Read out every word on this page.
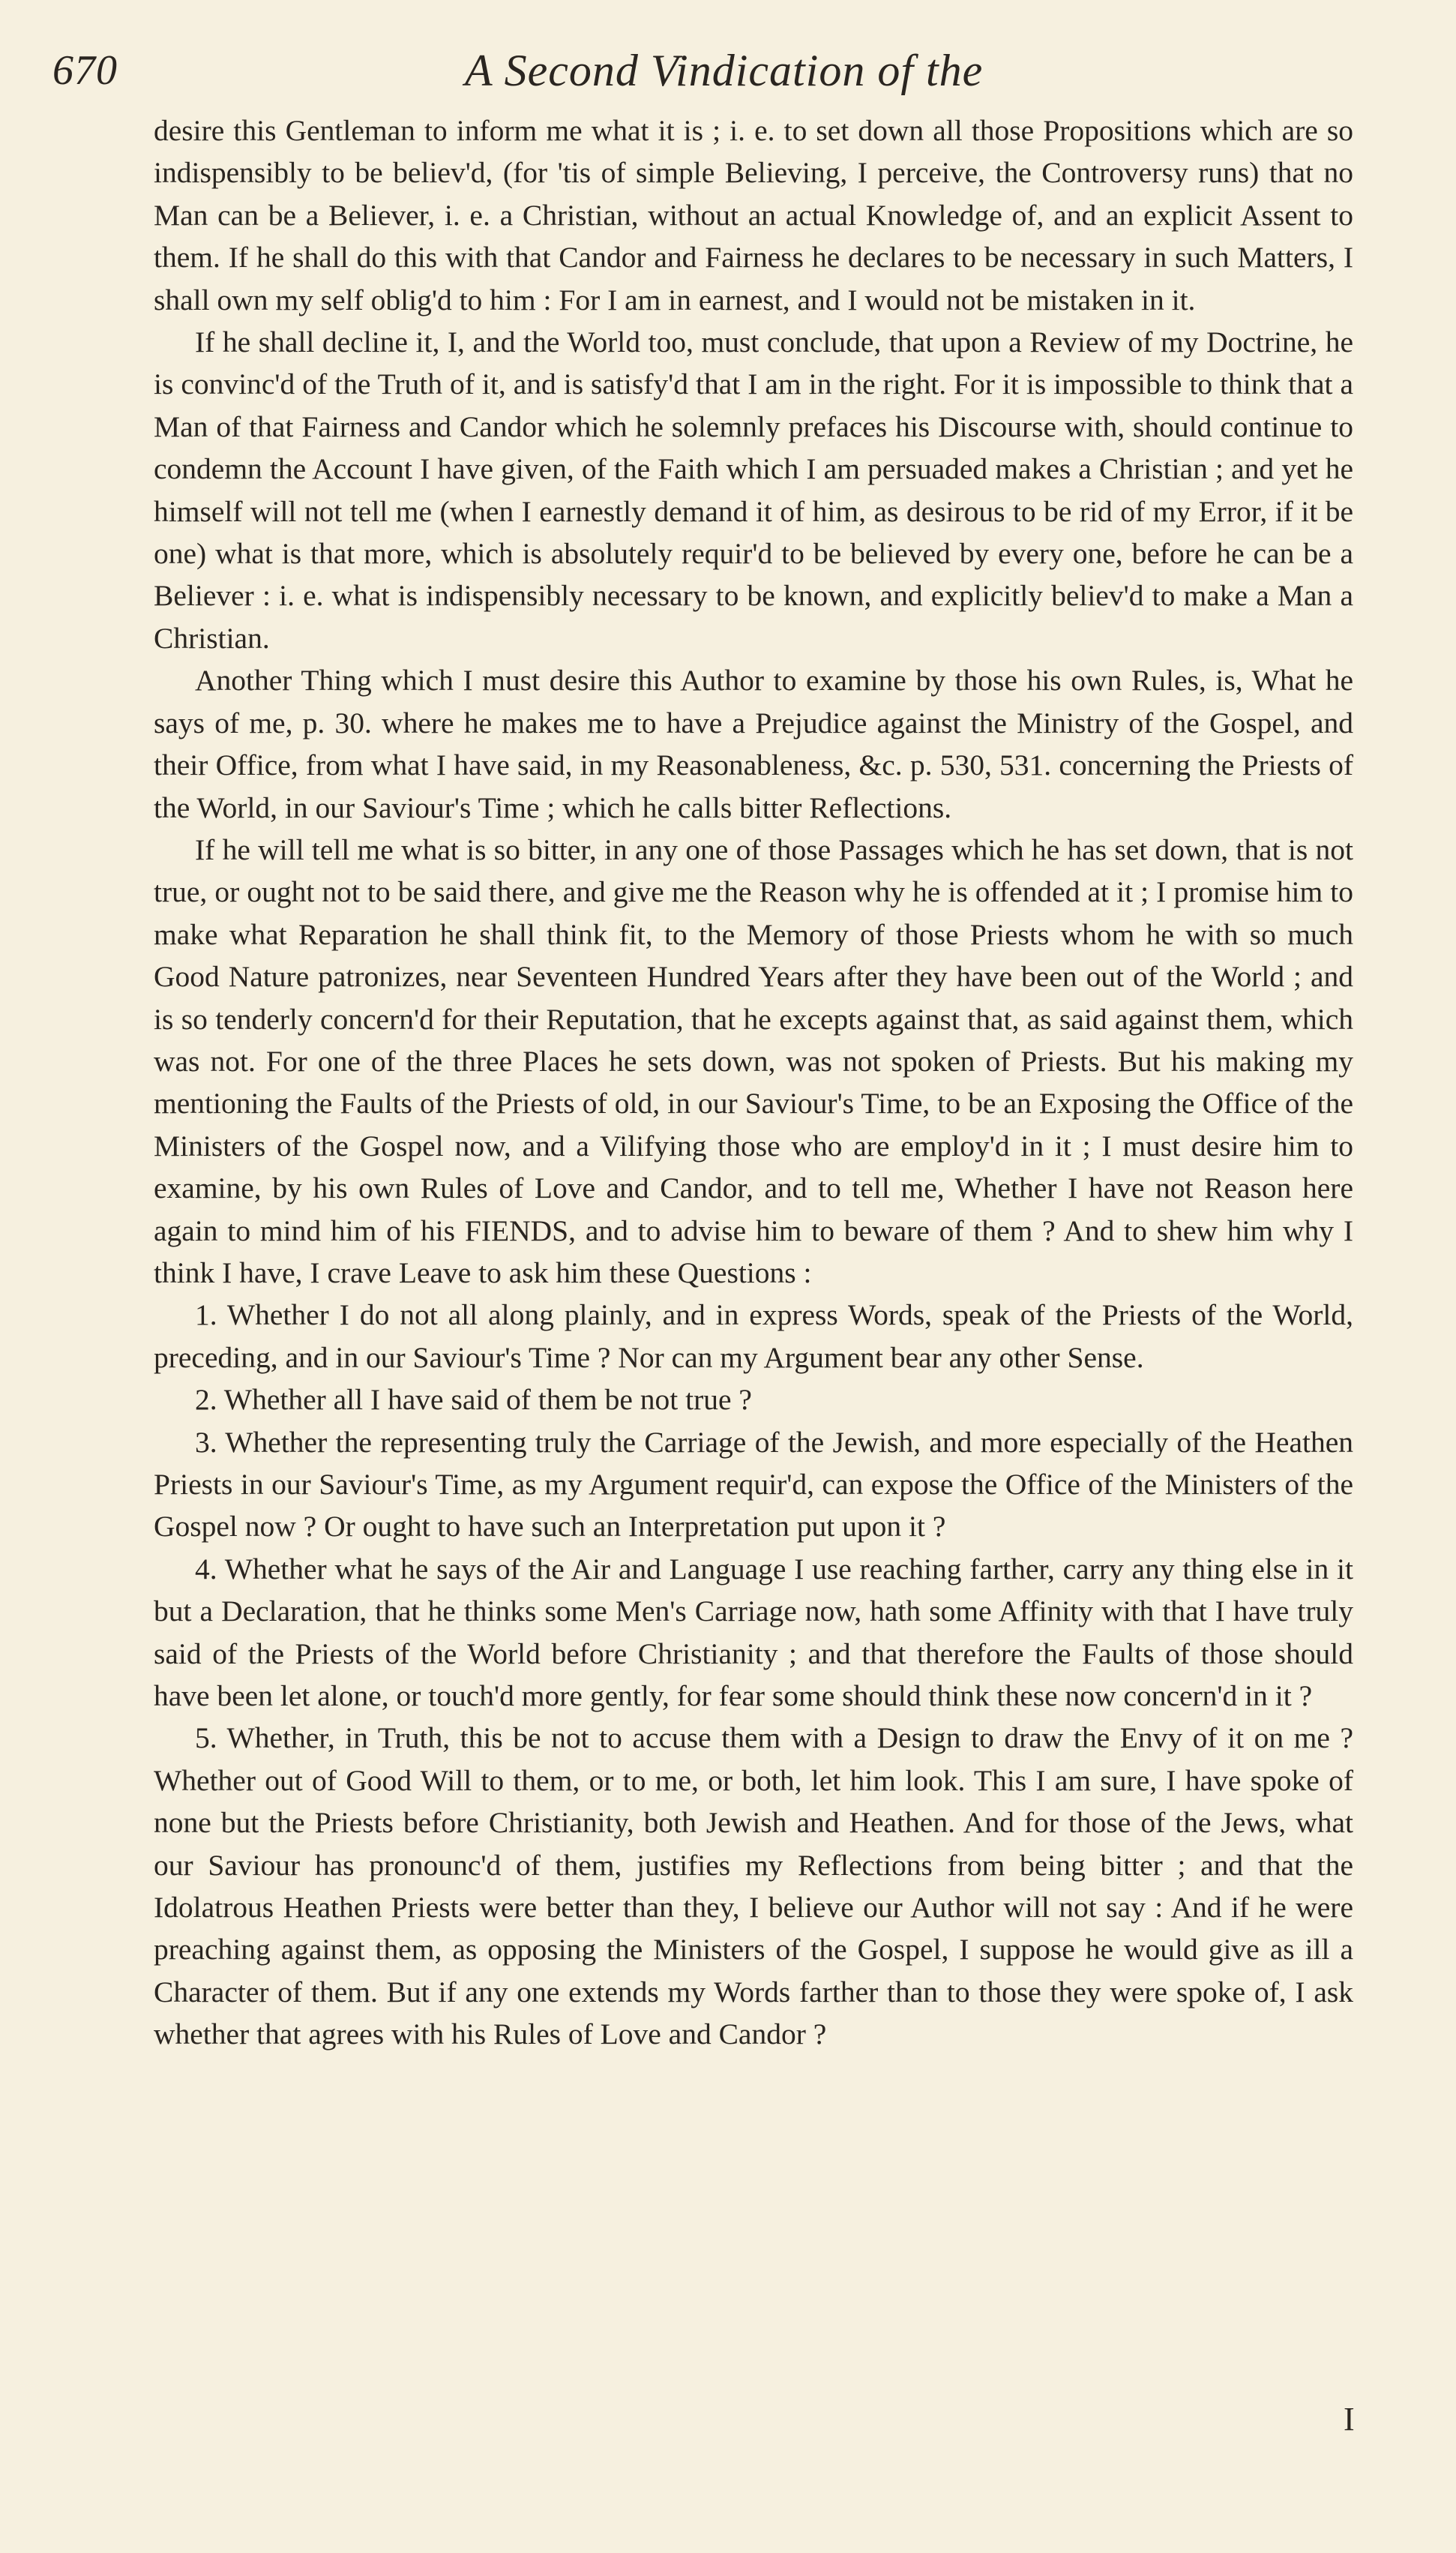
670	A Second Vindication of the

desire this Gentleman to inform me what it is ; i. e. to set down all those Propositions which are so indispensibly to be believ'd, (for 'tis of simple Believing, I perceive, the Controversy runs) that no Man can be a Believer, i. e. a Christian, without an actual Knowledge of, and an explicit Assent to them. If he shall do this with that Candor and Fairness he declares to be necessary in such Matters, I shall own my self oblig'd to him : For I am in earnest, and I would not be mistaken in it.

If he shall decline it, I, and the World too, must conclude, that upon a Review of my Doctrine, he is convinc'd of the Truth of it, and is satisfy'd that I am in the right. For it is impossible to think that a Man of that Fairness and Candor which he solemnly prefaces his Discourse with, should continue to condemn the Account I have given, of the Faith which I am persuaded makes a Christian ; and yet he himself will not tell me (when I earnestly demand it of him, as desirous to be rid of my Error, if it be one) what is that more, which is absolutely requir'd to be believed by every one, before he can be a Believer : i. e. what is indispensibly necessary to be known, and explicitly believ'd to make a Man a Christian.

Another Thing which I must desire this Author to examine by those his own Rules, is, What he says of me, p. 30. where he makes me to have a Prejudice against the Ministry of the Gospel, and their Office, from what I have said, in my Reasonableness, &c. p. 530, 531. concerning the Priests of the World, in our Saviour's Time ; which he calls bitter Reflections.

If he will tell me what is so bitter, in any one of those Passages which he has set down, that is not true, or ought not to be said there, and give me the Reason why he is offended at it ; I promise him to make what Reparation he shall think fit, to the Memory of those Priests whom he with so much Good Nature patronizes, near Seventeen Hundred Years after they have been out of the World ; and is so tenderly concern'd for their Reputation, that he excepts against that, as said against them, which was not. For one of the three Places he sets down, was not spoken of Priests. But his making my mentioning the Faults of the Priests of old, in our Saviour's Time, to be an Exposing the Office of the Ministers of the Gospel now, and a Vilifying those who are employ'd in it ; I must desire him to examine, by his own Rules of Love and Candor, and to tell me, Whether I have not Reason here again to mind him of his FIENDS, and to advise him to beware of them ? And to shew him why I think I have, I crave Leave to ask him these Questions :

1. Whether I do not all along plainly, and in express Words, speak of the Priests of the World, preceding, and in our Saviour's Time ? Nor can my Argument bear any other Sense.

2. Whether all I have said of them be not true ?

3. Whether the representing truly the Carriage of the Jewish, and more especially of the Heathen Priests in our Saviour's Time, as my Argument requir'd, can expose the Office of the Ministers of the Gospel now ? Or ought to have such an Interpretation put upon it ?

4. Whether what he says of the Air and Language I use reaching farther, carry any thing else in it but a Declaration, that he thinks some Men's Carriage now, hath some Affinity with that I have truly said of the Priests of the World before Christianity ; and that therefore the Faults of those should have been let alone, or touch'd more gently, for fear some should think these now concern'd in it ?

5. Whether, in Truth, this be not to accuse them with a Design to draw the Envy of it on me ? Whether out of Good Will to them, or to me, or both, let him look. This I am sure, I have spoke of none but the Priests before Christianity, both Jewish and Heathen. And for those of the Jews, what our Saviour has pronounc'd of them, justifies my Reflections from being bitter ; and that the Idolatrous Heathen Priests were better than they, I believe our Author will not say : And if he were preaching against them, as opposing the Ministers of the Gospel, I suppose he would give as ill a Character of them. But if any one extends my Words farther than to those they were spoke of, I ask whether that agrees with his Rules of Love and Candor ?

I
